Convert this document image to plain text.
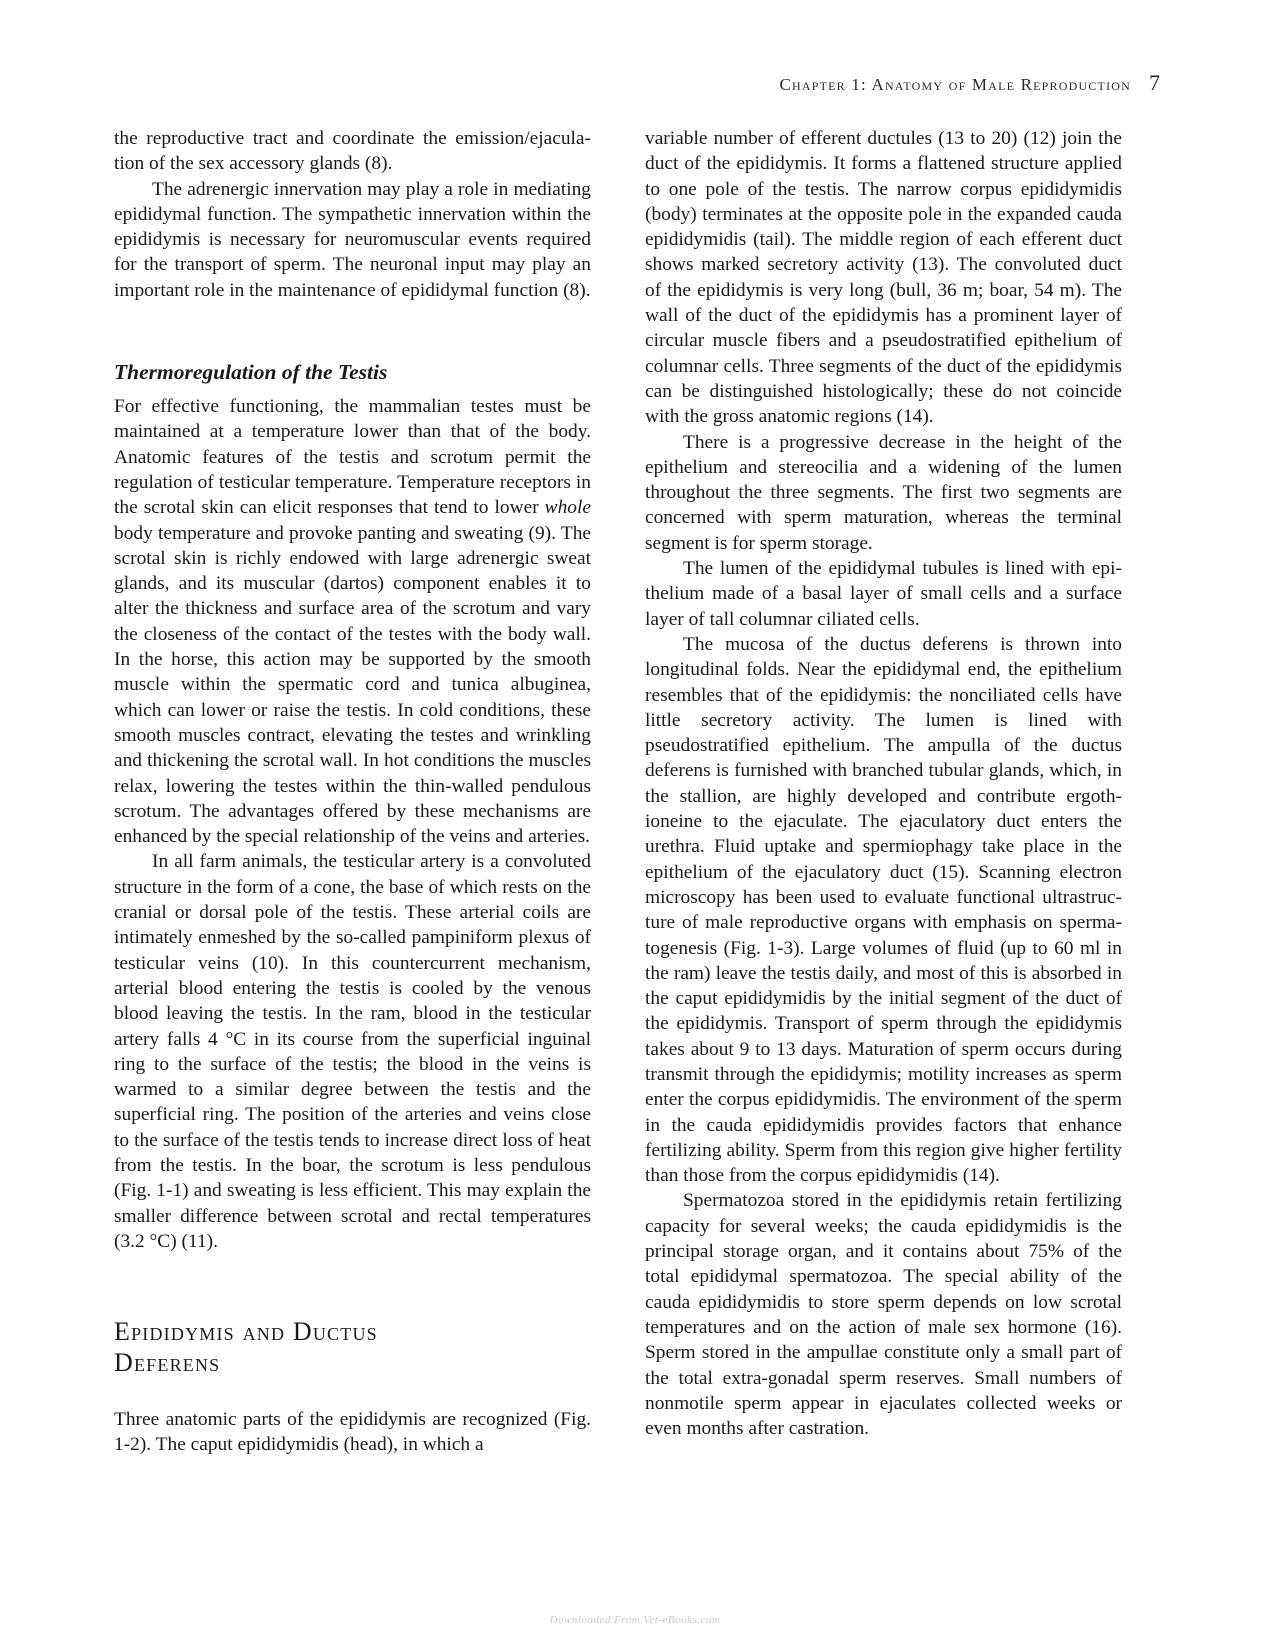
Chapter 1: Anatomy of Male Reproduction 7

the reproductive tract and coordinate the emission/ejaculation of the sex accessory glands (8).

The adrenergic innervation may play a role in mediating epididymal function. The sympathetic innervation within the epididymis is necessary for neuromuscular events required for the transport of sperm. The neuronal input may play an important role in the maintenance of epididymal function (8).

Thermoregulation of the Testis

For effective functioning, the mammalian testes must be maintained at a temperature lower than that of the body. Anatomic features of the testis and scrotum permit the regulation of testicular temperature. Temperature receptors in the scrotal skin can elicit responses that tend to lower whole body temperature and provoke panting and sweating (9). The scrotal skin is richly endowed with large adrenergic sweat glands, and its muscular (dartos) component enables it to alter the thickness and surface area of the scrotum and vary the closeness of the contact of the testes with the body wall. In the horse, this action may be supported by the smooth muscle within the spermatic cord and tunica albuginea, which can lower or raise the testis. In cold conditions, these smooth muscles contract, elevating the testes and wrinkling and thickening the scrotal wall. In hot conditions the muscles relax, lowering the testes within the thin-walled pendulous scrotum. The advantages offered by these mechanisms are enhanced by the special relationship of the veins and arteries.

In all farm animals, the testicular artery is a convoluted structure in the form of a cone, the base of which rests on the cranial or dorsal pole of the testis. These arterial coils are intimately enmeshed by the so-called pampiniform plexus of testicular veins (10). In this countercurrent mechanism, arterial blood entering the testis is cooled by the venous blood leaving the testis. In the ram, blood in the testicular artery falls 4 °C in its course from the superficial inguinal ring to the surface of the testis; the blood in the veins is warmed to a similar degree between the testis and the superficial ring. The position of the arteries and veins close to the surface of the testis tends to increase direct loss of heat from the testis. In the boar, the scrotum is less pendulous (Fig. 1-1) and sweating is less efficient. This may explain the smaller difference between scrotal and rectal temperatures (3.2 °C) (11).

Epididymis and Ductus
Deferens

Three anatomic parts of the epididymis are recognized (Fig. 1-2). The caput epididymidis (head), in which a

variable number of efferent ductules (13 to 20) (12) join the duct of the epididymis. It forms a flattened structure applied to one pole of the testis. The narrow corpus epididymidis (body) terminates at the opposite pole in the expanded cauda epididymidis (tail). The middle region of each efferent duct shows marked secretory activity (13). The convoluted duct of the epididymis is very long (bull, 36 m; boar, 54 m). The wall of the duct of the epididymis has a prominent layer of circular muscle fibers and a pseudostratified epithelium of columnar cells. Three segments of the duct of the epididymis can be distinguished histologically; these do not coincide with the gross anatomic regions (14).

There is a progressive decrease in the height of the epithelium and stereocilia and a widening of the lumen throughout the three segments. The first two segments are concerned with sperm maturation, whereas the terminal segment is for sperm storage.

The lumen of the epididymal tubules is lined with epithelium made of a basal layer of small cells and a surface layer of tall columnar ciliated cells.

The mucosa of the ductus deferens is thrown into longitudinal folds. Near the epididymal end, the epithelium resembles that of the epididymis: the nonciliated cells have little secretory activity. The lumen is lined with pseudostratified epithelium. The ampulla of the ductus deferens is furnished with branched tubular glands, which, in the stallion, are highly developed and contribute ergothioneine to the ejaculate. The ejaculatory duct enters the urethra. Fluid uptake and spermiophagy take place in the epithelium of the ejaculatory duct (15). Scanning electron microscopy has been used to evaluate functional ultrastructure of male reproductive organs with emphasis on spermatogenesis (Fig. 1-3). Large volumes of fluid (up to 60 ml in the ram) leave the testis daily, and most of this is absorbed in the caput epididymidis by the initial segment of the duct of the epididymis. Transport of sperm through the epididymis takes about 9 to 13 days. Maturation of sperm occurs during transmit through the epididymis; motility increases as sperm enter the corpus epididymidis. The environment of the sperm in the cauda epididymidis provides factors that enhance fertilizing ability. Sperm from this region give higher fertility than those from the corpus epididymidis (14).

Spermatozoa stored in the epididymis retain fertilizing capacity for several weeks; the cauda epididymidis is the principal storage organ, and it contains about 75% of the total epididymal spermatozoa. The special ability of the cauda epididymidis to store sperm depends on low scrotal temperatures and on the action of male sex hormone (16). Sperm stored in the ampullae constitute only a small part of the total extra-gonadal sperm reserves. Small numbers of nonmotile sperm appear in ejaculates collected weeks or even months after castration.

Downloaded From Vet-eBooks.com
